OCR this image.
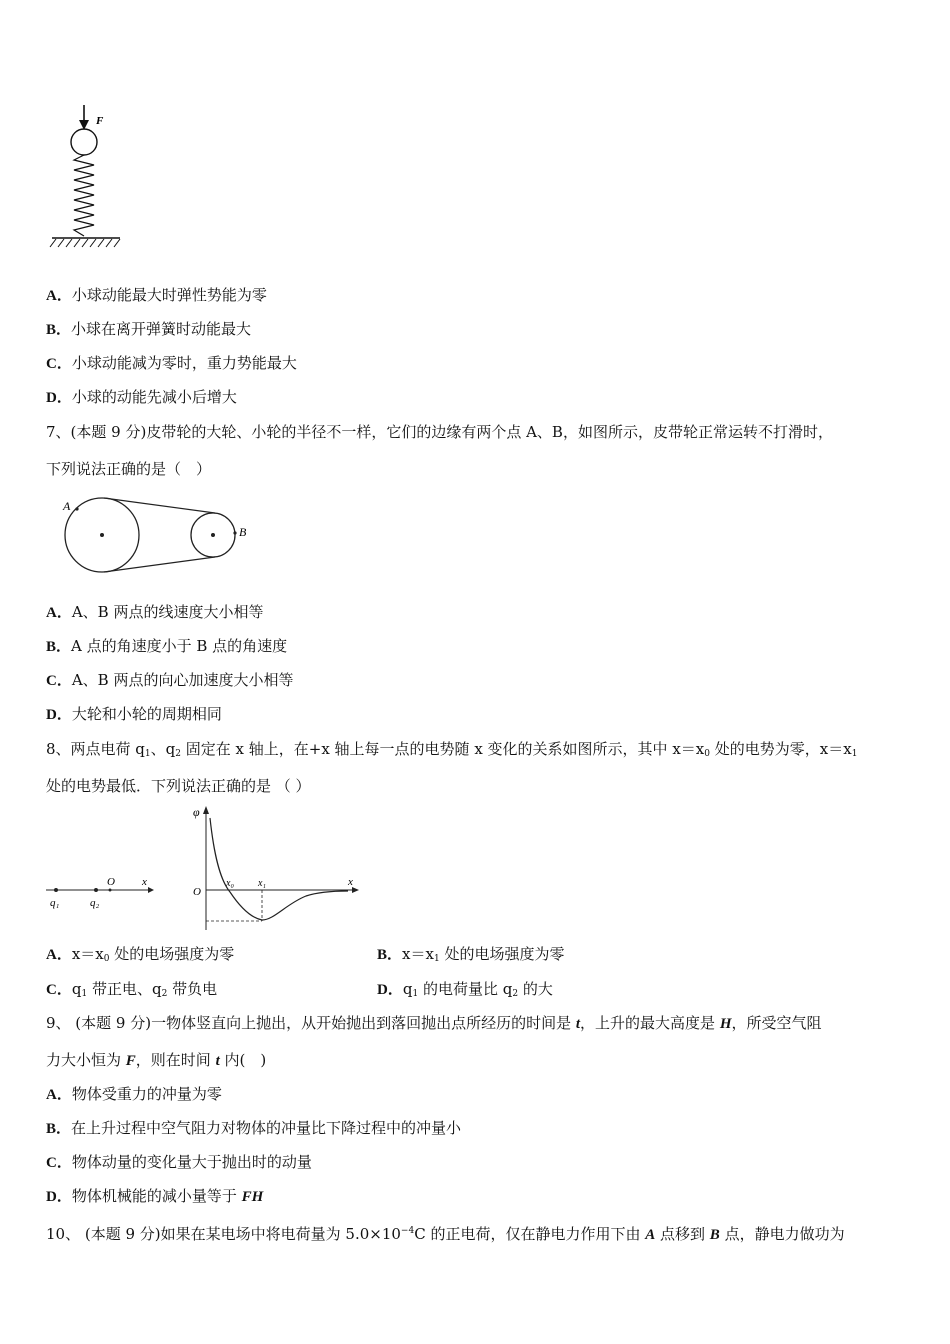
F
A．小球动能最大时弹性势能为零
B．小球在离开弹簧时动能最大
C．小球动能减为零时，重力势能最大
D．小球的动能先减小后增大
7、(本题 9 分)皮带轮的大轮、小轮的半径不一样，它们的边缘有两个点 A、B，如图所示，皮带轮正常运转不打滑时，
下列说法正确的是（　）
A
B
A．A、B 两点的线速度大小相等
B．A 点的角速度小于 B 点的角速度
C．A、B 两点的向心加速度大小相等
D．大轮和小轮的周期相同
8、两点电荷 $q_1$、$q_2$ 固定在 x 轴上，在+x 轴上每一点的电势随 x 变化的关系如图所示，其中 $x=x_0$ 处的电势为零，$x=x_1$
处的电势最低．下列说法正确的是 （ ）
O x
q₁	q₂
φ
O
x₀ x₁	x
A．$x=x_0$ 处的电场强度为零	B．$x=x_1$ 处的电场强度为零
C．$q_1$ 带正电、$q_2$ 带负电	D．$q_1$ 的电荷量比 $q_2$ 的大
9、 (本题 9 分)一物体竖直向上抛出，从开始抛出到落回抛出点所经历的时间是 t，上升的最大高度是 H，所受空气阻
力大小恒为 F，则在时间 t 内(　)
A．物体受重力的冲量为零
B．在上升过程中空气阻力对物体的冲量比下降过程中的冲量小
C．物体动量的变化量大于抛出时的动量
D．物体机械能的减小量等于 FH
10、 (本题 9 分)如果在某电场中将电荷量为 $5.0\times 10^{-4}C$ 的正电荷，仅在静电力作用下由 A 点移到 B 点，静电力做功为
